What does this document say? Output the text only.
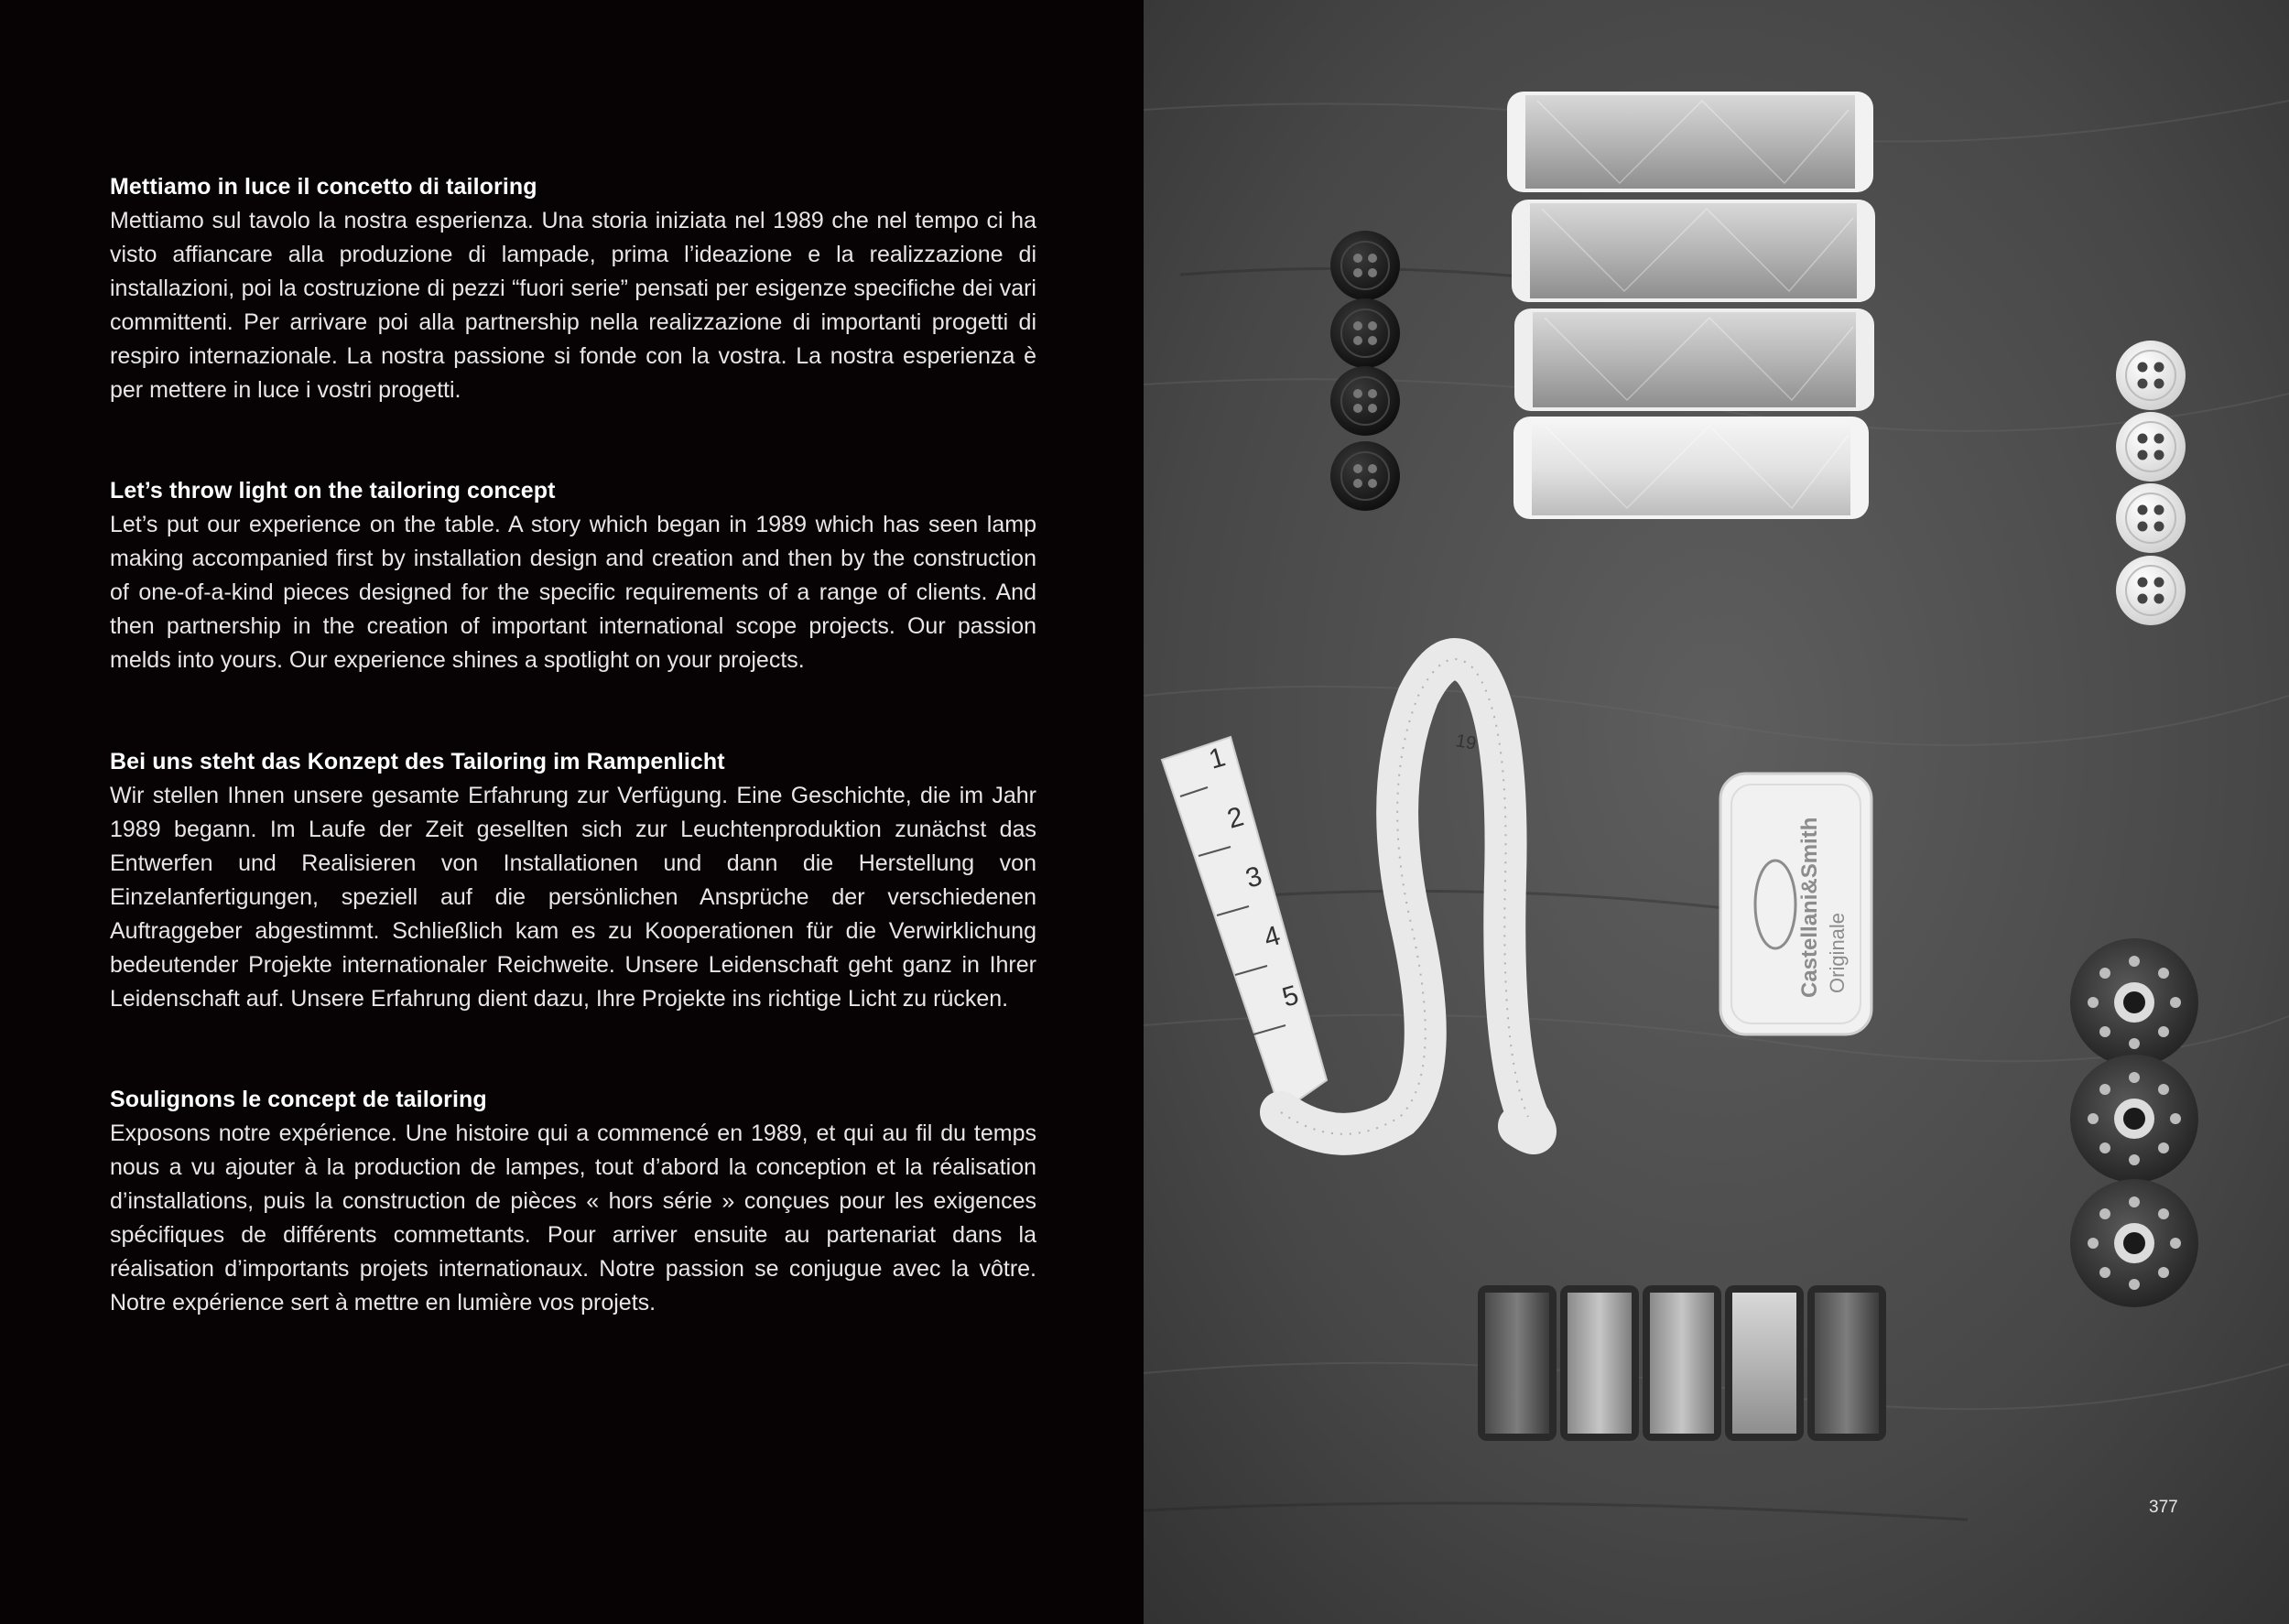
Mettiamo in luce il concetto di tailoring

Mettiamo sul tavolo la nostra esperienza. Una storia iniziata nel 1989 che nel tempo ci ha visto affiancare alla produzione di lampade, prima l’ideazione e la realizzazione di installazioni, poi la costruzione di pezzi “fuori serie” pensati per esigenze specifiche dei vari committenti. Per arrivare poi alla partnership nella realizzazione di importanti progetti di respiro internazionale. La nostra passione si fonde con la vostra. La nostra esperienza è per mettere in luce i vostri progetti.

Let’s throw light on the tailoring concept

Let’s put our experience on the table. A story which began in 1989 which has seen lamp making accompanied first by installation design and creation and then by the construction of one-of-a-kind pieces designed for the specific requirements of a range of clients. And then partnership in the creation of important international scope projects. Our passion melds into yours. Our experience shines a spotlight on your projects.

Bei uns steht das Konzept des Tailoring im Rampenlicht

Wir stellen Ihnen unsere gesamte Erfahrung zur Verfügung. Eine Geschichte, die im Jahr 1989 begann. Im Laufe der Zeit gesellten sich zur Leuchtenproduktion zunächst das Entwerfen und Realisieren von Installationen und dann die Herstellung von Einzelanfertigungen, speziell auf die persönlichen Ansprüche der verschiedenen Auftraggeber abgestimmt. Schließlich kam es zu Kooperationen für die Verwirklichung bedeutender Projekte internationaler Reichweite. Unsere Leidenschaft geht ganz in Ihrer Leidenschaft auf. Unsere Erfahrung dient dazu, Ihre Projekte ins richtige Licht zu rücken.

Soulignons le concept de tailoring

Exposons notre expérience. Une histoire qui a commencé en 1989, et qui au fil du temps nous a vu ajouter à la production de lampes, tout d’abord la conception et la réalisation d’installations, puis la construction de pièces « hors série » conçues pour les exigences spécifiques de différents commettants. Pour arriver ensuite au partenariat dans la réalisation d’importants projets internationaux. Notre passion se conjugue avec la vôtre. Notre expérience sert à mettre en lumière vos projets.

1
2
3
4
5
19
Castellani&Smith Originale
377
